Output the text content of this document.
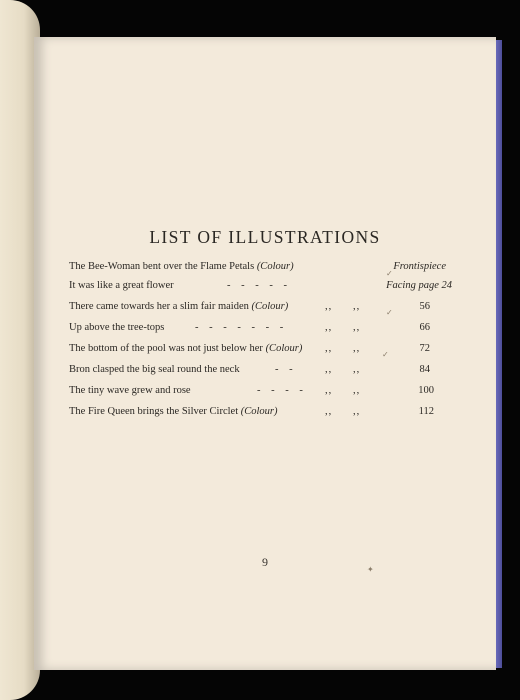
LIST OF ILLUSTRATIONS
The Bee-Woman bent over the Flame Petals (Colour)	Frontispiece
It was like a great flower	- - - - -	Facing page 24
There came towards her a slim fair maiden (Colour)	,, ,,	56
Up above the tree-tops	- - - - - - -	,, ,,	66
The bottom of the pool was not just below her (Colour) ,, ,,	72
Bron clasped the big seal round the neck	- -	,, ,,	84
The tiny wave grew and rose	- - - - ,, ,,	100
The Fire Queen brings the Silver Circlet (Colour)	,, ,,	112
✓
✓
✓
✦
9
